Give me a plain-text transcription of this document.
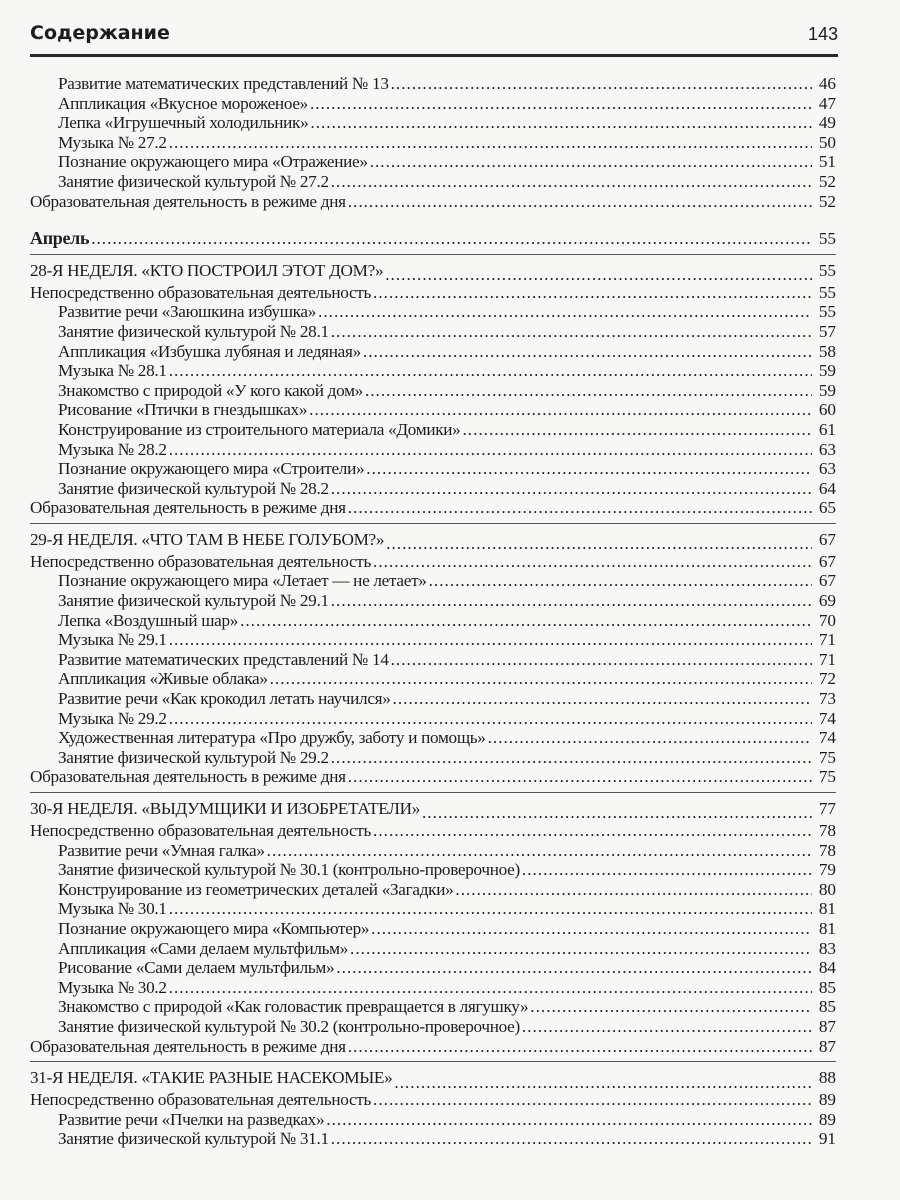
Содержание	143
Развитие математических представлений № 13 .....	46
Аппликация «Вкусное мороженое» .....	47
Лепка «Игрушечный холодильник» .....	49
Музыка № 27.2 .....	50
Познание окружающего мира «Отражение» .....	51
Занятие физической культурой № 27.2 .....	52
Образовательная деятельность в режиме дня .....	52
Апрель .....	55
28-Я НЕДЕЛЯ. «КТО ПОСТРОИЛ ЭТОТ ДОМ?» .....	55
Непосредственно образовательная деятельность .....	55
Развитие речи «Заюшкина избушка» .....	55
Занятие физической культурой № 28.1 .....	57
Аппликация «Избушка лубяная и ледяная» .....	58
Музыка № 28.1 .....	59
Знакомство с природой «У кого какой дом» .....	59
Рисование «Птички в гнездышках» .....	60
Конструирование из строительного материала «Домики» .....	61
Музыка № 28.2 .....	63
Познание окружающего мира «Строители» .....	63
Занятие физической культурой № 28.2 .....	64
Образовательная деятельность в режиме дня .....	65
29-Я НЕДЕЛЯ. «ЧТО ТАМ В НЕБЕ ГОЛУБОМ?» .....	67
Непосредственно образовательная деятельность .....	67
Познание окружающего мира «Летает — не летает» .....	67
Занятие физической культурой № 29.1 .....	69
Лепка «Воздушный шар» .....	70
Музыка № 29.1 .....	71
Развитие математических представлений № 14 .....	71
Аппликация «Живые облака» .....	72
Развитие речи «Как крокодил летать научился» .....	73
Музыка № 29.2 .....	74
Художественная литература «Про дружбу, заботу и помощь» .....	74
Занятие физической культурой № 29.2 .....	75
Образовательная деятельность в режиме дня .....	75
30-Я НЕДЕЛЯ. «ВЫДУМЩИКИ И ИЗОБРЕТАТЕЛИ» .....	77
Непосредственно образовательная деятельность .....	78
Развитие речи «Умная галка» .....	78
Занятие физической культурой № 30.1 (контрольно-проверочное) .....	79
Конструирование из геометрических деталей «Загадки» .....	80
Музыка № 30.1 .....	81
Познание окружающего мира «Компьютер» .....	81
Аппликация «Сами делаем мультфильм» .....	83
Рисование «Сами делаем мультфильм» .....	84
Музыка № 30.2 .....	85
Знакомство с природой «Как головастик превращается в лягушку» .....	85
Занятие физической культурой № 30.2 (контрольно-проверочное) .....	87
Образовательная деятельность в режиме дня .....	87
31-Я НЕДЕЛЯ. «ТАКИЕ РАЗНЫЕ НАСЕКОМЫЕ» .....	88
Непосредственно образовательная деятельность .....	89
Развитие речи «Пчелки на разведках» .....	89
Занятие физической культурой № 31.1 .....	91
